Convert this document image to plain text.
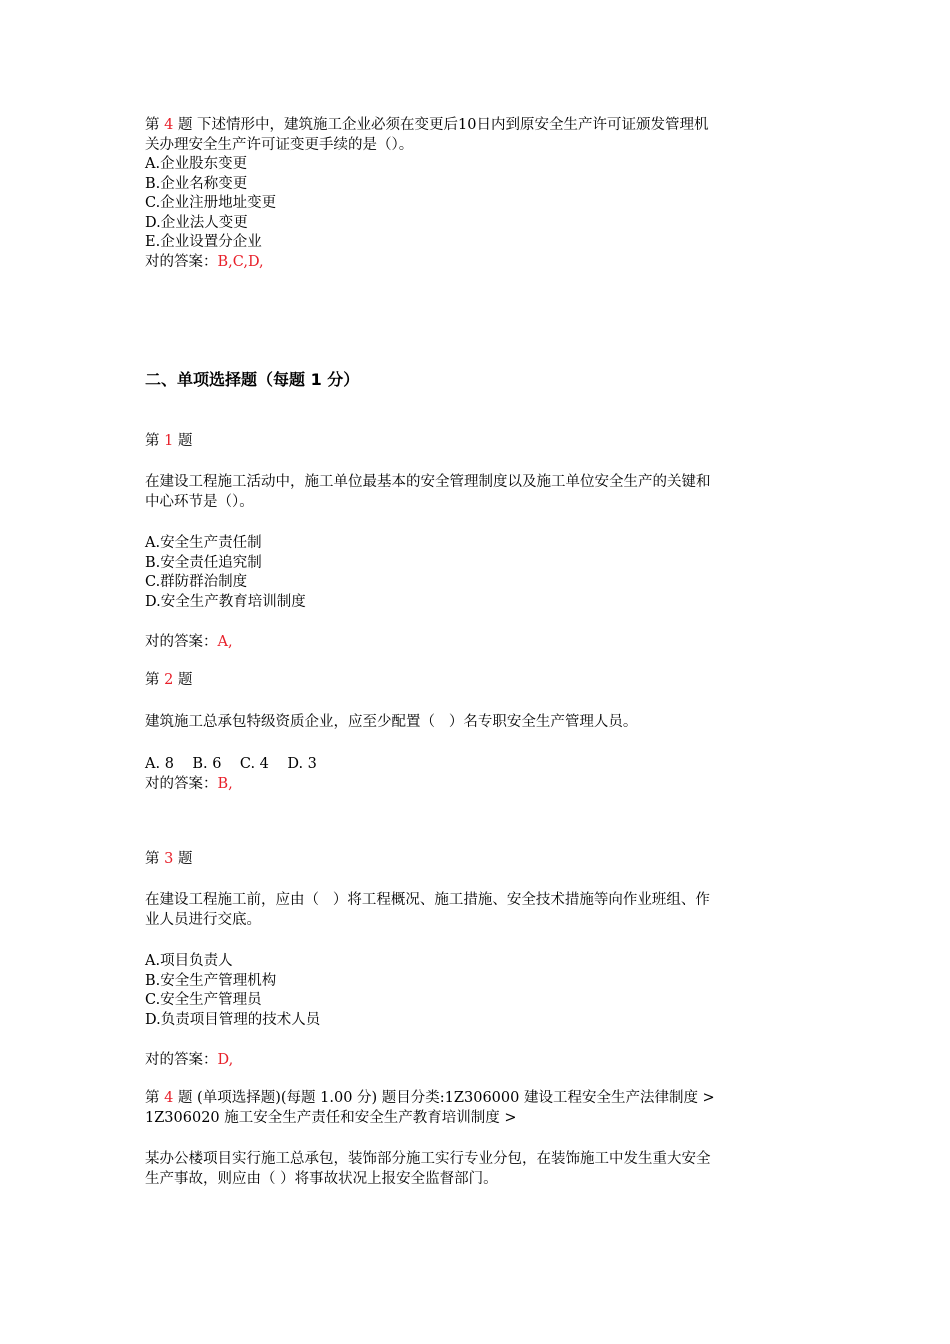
第 4 题 下述情形中，建筑施工企业必须在变更后10日内到原安全生产许可证颁发管理机

关办理安全生产许可证变更手续的是（）。

A.企业股东变更

B.企业名称变更

C.企业注册地址变更

D.企业法人变更

E.企业设置分企业

对的答案：B,C,D,

二、单项选择题（每题 1 分）

第 1 题

在建设工程施工活动中，施工单位最基本的安全管理制度以及施工单位安全生产的关键和

中心环节是（）。

A.安全生产责任制

B.安全责任追究制

C.群防群治制度

D.安全生产教育培训制度

对的答案：A,

第 2 题

建筑施工总承包特级资质企业，应至少配置（   ）名专职安全生产管理人员。

A. 8    B. 6    C. 4    D. 3

对的答案：B,

第 3 题

在建设工程施工前，应由（   ）将工程概况、施工措施、安全技术措施等向作业班组、作

业人员进行交底。

A.项目负责人

B.安全生产管理机构

C.安全生产管理员

D.负责项目管理的技术人员

对的答案：D,

第 4 题 (单项选择题)(每题 1.00 分) 题目分类:1Z306000 建设工程安全生产法律制度 >

1Z306020 施工安全生产责任和安全生产教育培训制度 >

某办公楼项目实行施工总承包，装饰部分施工实行专业分包，在装饰施工中发生重大安全

生产事故，则应由（ ）将事故状况上报安全监督部门。
